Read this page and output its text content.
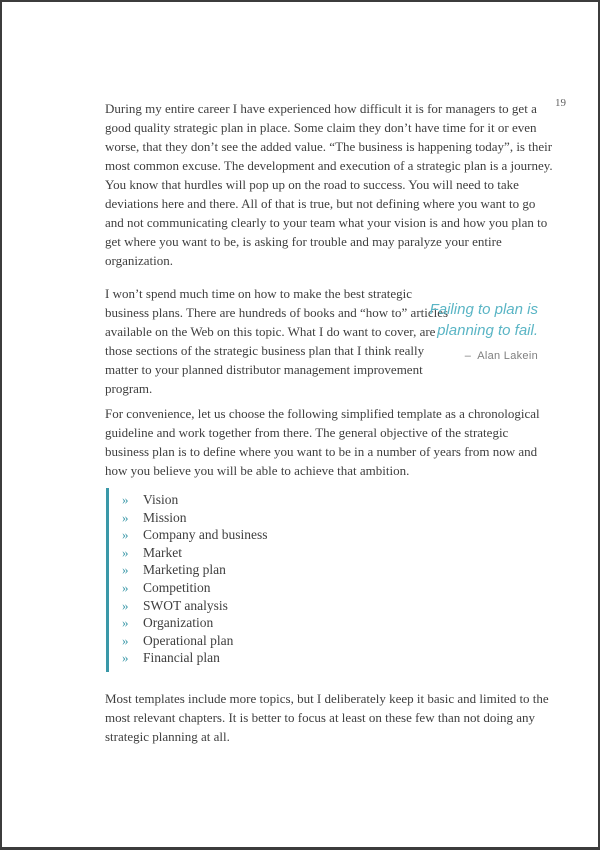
19

During my entire career I have experienced how difficult it is for managers to get a good quality strategic plan in place. Some claim they don’t have time for it or even worse, that they don’t see the added value. “The business is happening today”, is their most common excuse. The development and execution of a strategic plan is a journey. You know that hurdles will pop up on the road to success. You will need to take deviations here and there. All of that is true, but not defining where you want to go and not communicating clearly to your team what your vision is and how you plan to get where you want to be, is asking for trouble and may paralyze your entire organization.

I won’t spend much time on how to make the best strategic business plans. There are hundreds of books and “how to” articles available on the Web on this topic. What I do want to cover, are those sections of the strategic business plan that I think really matter to your planned distributor management improvement program.

Failing to plan is planning to fail.
– Alan Lakein

For convenience, let us choose the following simplified template as a chronological guideline and work together from there. The general objective of the strategic business plan is to define where you want to be in a number of years from now and how you believe you will be able to achieve that ambition.

» Vision
» Mission
» Company and business
» Market
» Marketing plan
» Competition
» SWOT analysis
» Organization
» Operational plan
» Financial plan

Most templates include more topics, but I deliberately keep it basic and limited to the most relevant chapters. It is better to focus at least on these few than not doing any strategic planning at all.
